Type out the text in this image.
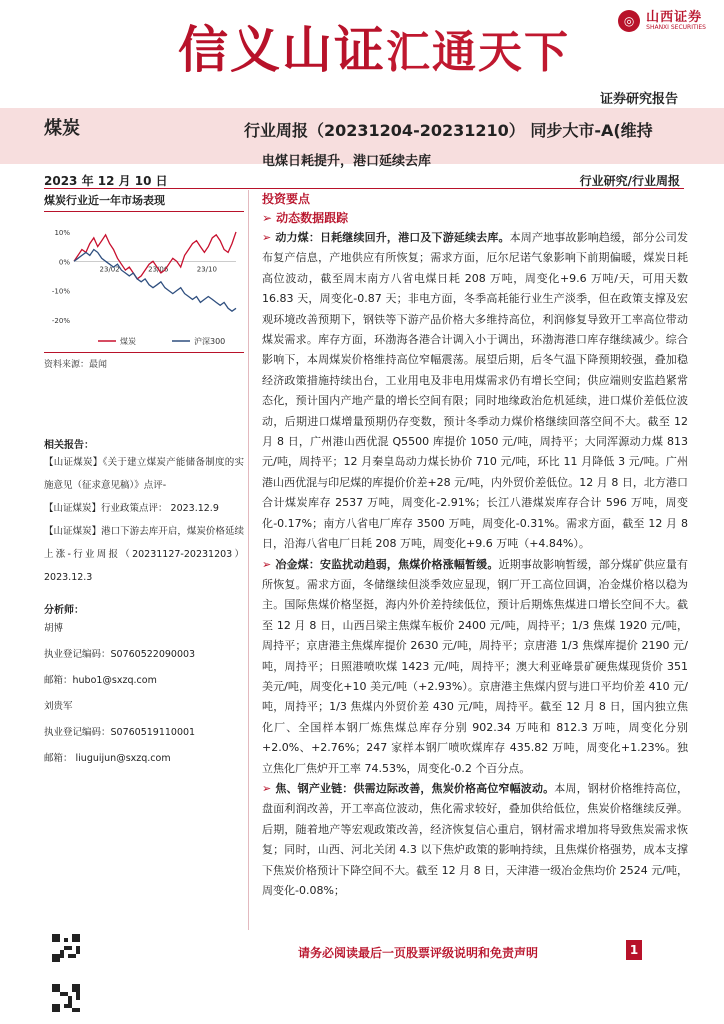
信义山证汇通天下
◎ 山西证券
SHANXI SECURITIES
证券研究报告
煤炭	行业周报（20231204-20231210） 同步大市-A(维持
电煤日耗提升，港口延续去库
2023 年 12 月 10 日	行业研究/行业周报
煤炭行业近一年市场表现
10%
0%
-10%
-20%
23/02	23/06	23/10
煤炭	沪深300
资料来源：最闻
相关报告：
【山证煤炭】《关于建立煤炭产能储备制度的实施意见（征求意见稿）》点评-
【山证煤炭】行业政策点评： 2023.12.9
【山证煤炭】港口下游去库开启，煤炭价格延续上涨-行业周报（20231127-20231203） 2023.12.3
分析师：
胡博
执业登记编码：S0760522090003
邮箱：hubo1@sxzq.com
刘贵军
执业登记编码：S0760519110001
邮箱： liuguijun@sxzq.com
投资要点
➢ 动态数据跟踪

➢ 动力煤：日耗继续回升，港口及下游延续去库。本周产地事故影响趋缓，部分公司发布复产信息，产地供应有所恢复；需求方面，厄尔尼诺气象影响下前期偏暖，煤炭日耗高位波动，截至周末南方八省电煤日耗 208 万吨，周变化+9.6 万吨/天，可用天数 16.83 天，周变化-0.87 天；非电方面，冬季高耗能行业生产淡季，但在政策支撑及宏观环境改善预期下，钢铁等下游产品价格大多维持高位，利润修复导致开工率高位带动煤炭需求。库存方面，环渤海各港合计调入小于调出，环渤海港口库存继续减少。综合影响下，本周煤炭价格维持高位窄幅震荡。展望后期，后冬气温下降预期较强，叠加稳经济政策措施持续出台，工业用电及非电用煤需求仍有增长空间；供应端则安监趋紧常态化，预计国内产地产量的增长空间有限；同时地缘政治危机延续，进口煤价差低位波动，后期进口煤增量预期仍存变数，预计冬季动力煤价格继续回落空间不大。截至 12 月 8 日，广州港山西优混 Q5500 库提价 1050 元/吨，周持平；大同浑源动力煤 813 元/吨，周持平；12 月秦皇岛动力煤长协价 710 元/吨，环比 11 月降低 3 元/吨。广州港山西优混与印尼煤的库提价价差+28 元/吨，内外贸价差低位。12 月 8 日，北方港口合计煤炭库存 2537 万吨，周变化-2.91%；长江八港煤炭库存合计 596 万吨，周变化-0.17%；南方八省电厂库存 3500 万吨，周变化-0.31%。需求方面，截至 12 月 8 日，沿海八省电厂日耗 208 万吨，周变化+9.6 万吨（+4.84%）。

➢ 冶金煤：安监扰动趋弱，焦煤价格涨幅暂缓。近期事故影响暂缓，部分煤矿供应量有所恢复。需求方面，冬储继续但淡季效应显现，钢厂开工高位回调，冶金煤价格以稳为主。国际焦煤价格坚挺，海内外价差持续低位，预计后期炼焦煤进口增长空间不大。截至 12 月 8 日，山西吕梁主焦煤车板价 2400 元/吨，周持平；1/3 焦煤 1920 元/吨，周持平；京唐港主焦煤库提价 2630 元/吨，周持平；京唐港 1/3 焦煤库提价 2190 元/吨，周持平；日照港喷吹煤 1423 元/吨，周持平；澳大利亚峰景矿硬焦煤现货价 351 美元/吨，周变化+10 美元/吨（+2.93%）。京唐港主焦煤内贸与进口平均价差 410 元/吨，周持平；1/3 焦煤内外贸价差 430 元/吨，周持平。截至 12 月 8 日，国内独立焦化厂、全国样本钢厂炼焦煤总库存分别 902.34 万吨和 812.3 万吨，周变化分别+2.0%、+2.76%；247 家样本钢厂喷吹煤库存 435.82 万吨，周变化+1.23%。独立焦化厂焦炉开工率 74.53%，周变化-0.2 个百分点。

➢ 焦、钢产业链：供需边际改善，焦炭价格高位窄幅波动。本周，钢材价格维持高位，盘面利润改善，开工率高位波动，焦化需求较好，叠加供给低位，焦炭价格继续反弹。后期，随着地产等宏观政策改善，经济恢复信心重启，钢材需求增加将导致焦炭需求恢复；同时，山西、河北关闭 4.3 以下焦炉政策的影响持续，且焦煤价格强势，成本支撑下焦炭价格预计下降空间不大。截至 12 月 8 日，天津港一级冶金焦均价 2524 元/吨，周变化-0.08%；

请务必阅读最后一页股票评级说明和免责声明	1
